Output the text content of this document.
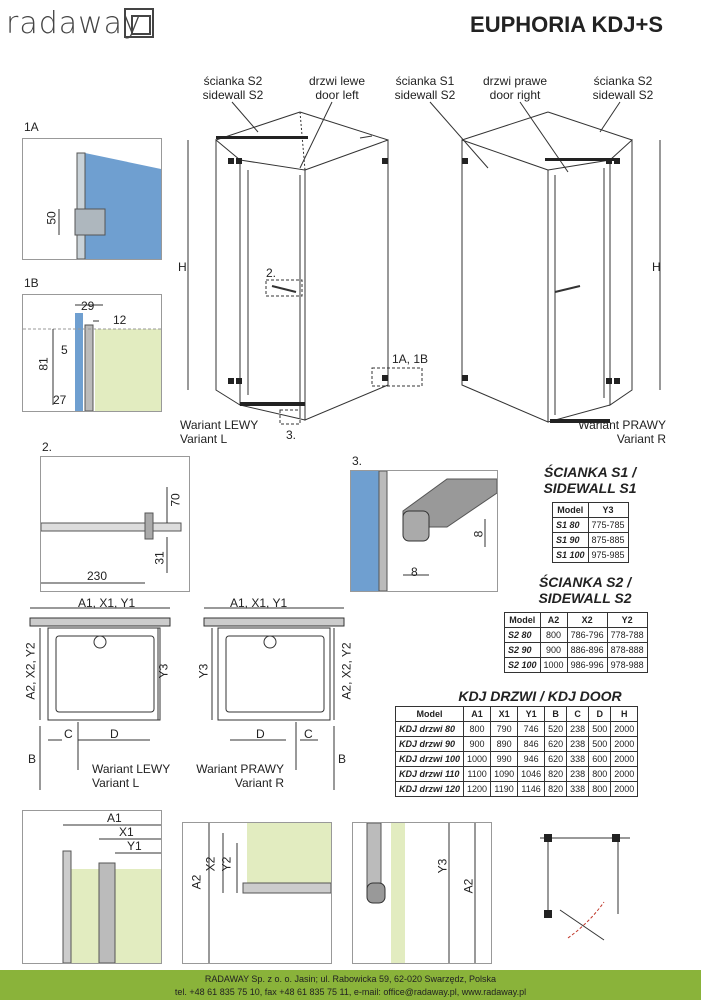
radaway	EUPHORIA KDJ+S
ścianka S2
sidewall S2
drzwi lewe
door left
ścianka S1
sidewall S2
drzwi prawe
door right
ścianka S2
sidewall S2
H	H
2.
1A, 1B
3.
Wariant LEWY
Variant L
Wariant PRAWY
Variant R
1A
50
1B
29
12
5
81
27
2.
70
31
230
3.
8
8
ŚCIANKA S1 /
SIDEWALL S1
Model	Y3
S1 80	775-785
S1 90	875-885
S1 100	975-985
ŚCIANKA S2 /
SIDEWALL S2
Model	A2	X2	Y2
S2 80	800	786-796	778-788
S2 90	900	886-896	878-888
S2 100	1000	986-996	978-988
KDJ DRZWI / KDJ DOOR
Model	A1	X1	Y1	B	C	D	H
KDJ drzwi 80	800	790	746	520	238	500	2000
KDJ drzwi 90	900	890	846	620	238	500	2000
KDJ drzwi 100	1000	990	946	620	338	600	2000
KDJ drzwi 110	1100	1090	1046	820	238	800	2000
KDJ drzwi 120	1200	1190	1146	820	338	800	2000
A1, X1, Y1	A1, X1, Y1
A2, X2, Y2	A2, X2, Y2
Y3 Y3
B	B
C	D	D	C
Wariant LEWY
Variant L
Wariant PRAWY
Variant R
A1
X1
Y1
A2
X2 Y2	Y3
A2
RADAWAY Sp. z o. o. Jasin; ul. Rabowicka 59, 62-020 Swarzędz, Polska
tel. +48 61 835 75 10, fax +48 61 835 75 11, e-mail: office@radaway.pl, www.radaway.pl
